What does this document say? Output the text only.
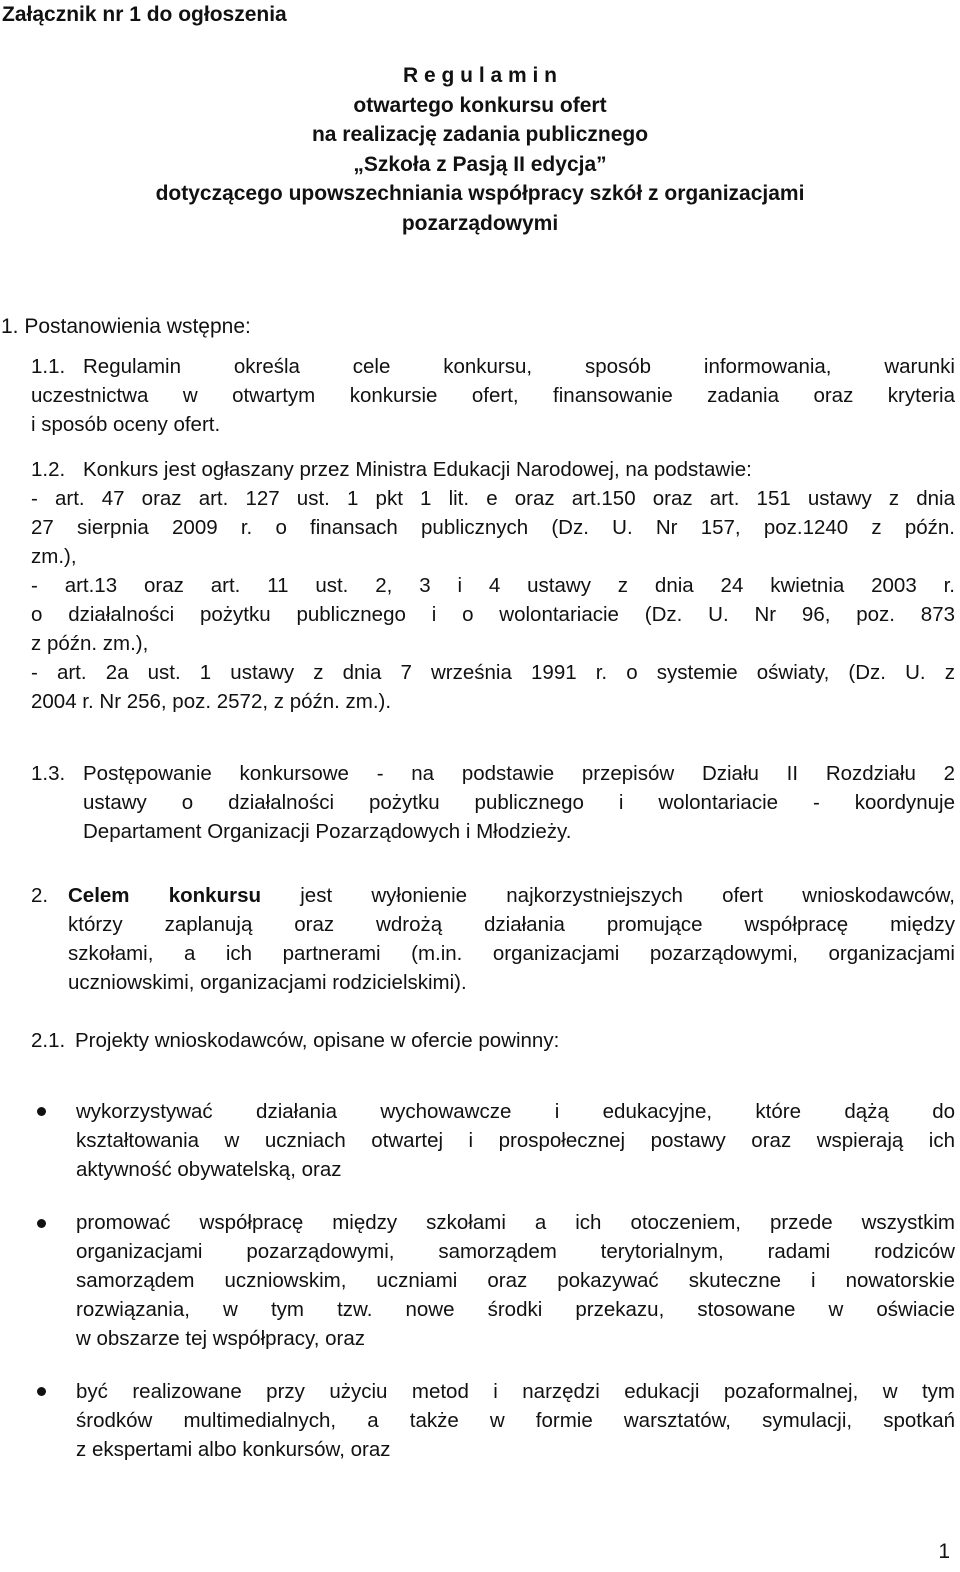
Załącznik nr 1 do ogłoszenia
R e g u l a m i n
otwartego konkursu ofert
na realizację zadania publicznego
„Szkoła z Pasją II edycja”
dotyczącego upowszechniania współpracy szkół z organizacjami
pozarządowymi
1. Postanowienia wstępne:
1.1. Regulamin określa cele konkursu, sposób informowania, warunki
uczestnictwa w otwartym konkursie ofert, finansowanie zadania oraz kryteria
i sposób oceny ofert.
1.2. Konkurs jest ogłaszany przez Ministra Edukacji Narodowej, na podstawie:
- art. 47 oraz art. 127 ust. 1 pkt 1 lit. e oraz art.150 oraz art. 151 ustawy z dnia
27 sierpnia 2009 r. o finansach publicznych (Dz. U. Nr 157, poz.1240 z późn.
zm.),
- art.13 oraz art. 11 ust. 2, 3 i 4 ustawy z dnia 24 kwietnia 2003 r.
o działalności pożytku publicznego i o wolontariacie (Dz. U. Nr 96, poz. 873
z późn. zm.),
- art. 2a ust. 1 ustawy z dnia 7 września 1991 r. o systemie oświaty, (Dz. U. z
2004 r. Nr 256, poz. 2572, z późn. zm.).
1.3. Postępowanie konkursowe - na podstawie przepisów Działu II Rozdziału 2
ustawy o działalności pożytku publicznego i wolontariacie - koordynuje
Departament Organizacji Pozarządowych i Młodzieży.
2. Celem konkursu jest wyłonienie najkorzystniejszych ofert wnioskodawców,
którzy zaplanują oraz wdrożą działania promujące współpracę między
szkołami, a ich partnerami (m.in. organizacjami pozarządowymi, organizacjami
uczniowskimi, organizacjami rodzicielskimi).
2.1. Projekty wnioskodawców, opisane w ofercie powinny:
wykorzystywać działania wychowawcze i edukacyjne, które dążą do
kształtowania w uczniach otwartej i prospołecznej postawy oraz wspierają ich
aktywność obywatelską, oraz
promować współpracę między szkołami a ich otoczeniem, przede wszystkim
organizacjami pozarządowymi, samorządem terytorialnym, radami rodziców
samorządem uczniowskim, uczniami oraz pokazywać skuteczne i nowatorskie
rozwiązania, w tym tzw. nowe środki przekazu, stosowane w oświacie
w obszarze tej współpracy, oraz
być realizowane przy użyciu metod i narzędzi edukacji pozaformalnej, w tym
środków multimedialnych, a także w formie warsztatów, symulacji, spotkań
z ekspertami albo konkursów, oraz
1
